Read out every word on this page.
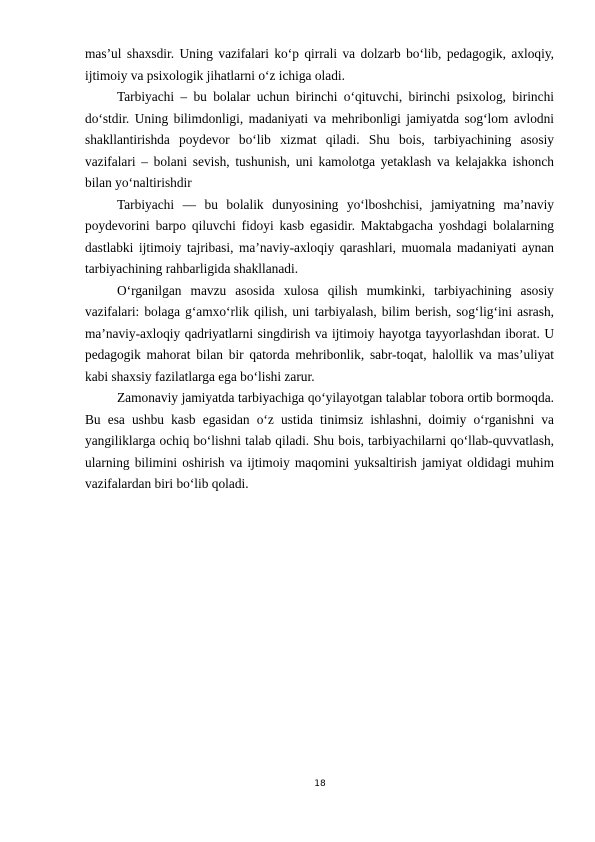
mas’ul shaxsdir. Uning vazifalari ko‘p qirrali va dolzarb bo‘lib, pedagogik, axloqiy, ijtimoiy va psixologik jihatlarni o‘z ichiga oladi.

Tarbiyachi – bu bolalar uchun birinchi o‘qituvchi, birinchi psixolog, birinchi do‘stdir. Uning bilimdonligi, madaniyati va mehribonligi jamiyatda sog‘lom avlodni shakllantirishda poydevor bo‘lib xizmat qiladi. Shu bois, tarbiyachining asosiy vazifalari – bolani sevish, tushunish, uni kamolotga yetaklash va kelajakka ishonch bilan yo‘naltirishdir

Tarbiyachi — bu bolalik dunyosining yo‘lboshchisi, jamiyatning ma’naviy poydevorini barpo qiluvchi fidoyi kasb egasidir. Maktabgacha yoshdagi bolalarning dastlabki ijtimoiy tajribasi, ma’naviy-axloqiy qarashlari, muomala madaniyati aynan tarbiyachining rahbarligida shakllanadi.

O‘rganilgan mavzu asosida xulosa qilish mumkinki, tarbiyachining asosiy vazifalari: bolaga g‘amxo‘rlik qilish, uni tarbiyalash, bilim berish, sog‘lig‘ini asrash, ma’naviy-axloqiy qadriyatlarni singdirish va ijtimoiy hayotga tayyorlashdan iborat. U pedagogik mahorat bilan bir qatorda mehribonlik, sabr-toqat, halollik va mas’uliyat kabi shaxsiy fazilatlarga ega bo‘lishi zarur.

Zamonaviy jamiyatda tarbiyachiga qo‘yilayotgan talablar tobora ortib bormoqda. Bu esa ushbu kasb egasidan o‘z ustida tinimsiz ishlashni, doimiy o‘rganishni va yangiliklarga ochiq bo‘lishni talab qiladi. Shu bois, tarbiyachilarni qo‘llab-quvvatlash, ularning bilimini oshirish va ijtimoiy maqomini yuksaltirish jamiyat oldidagi muhim vazifalardan biri bo‘lib qoladi.

18
